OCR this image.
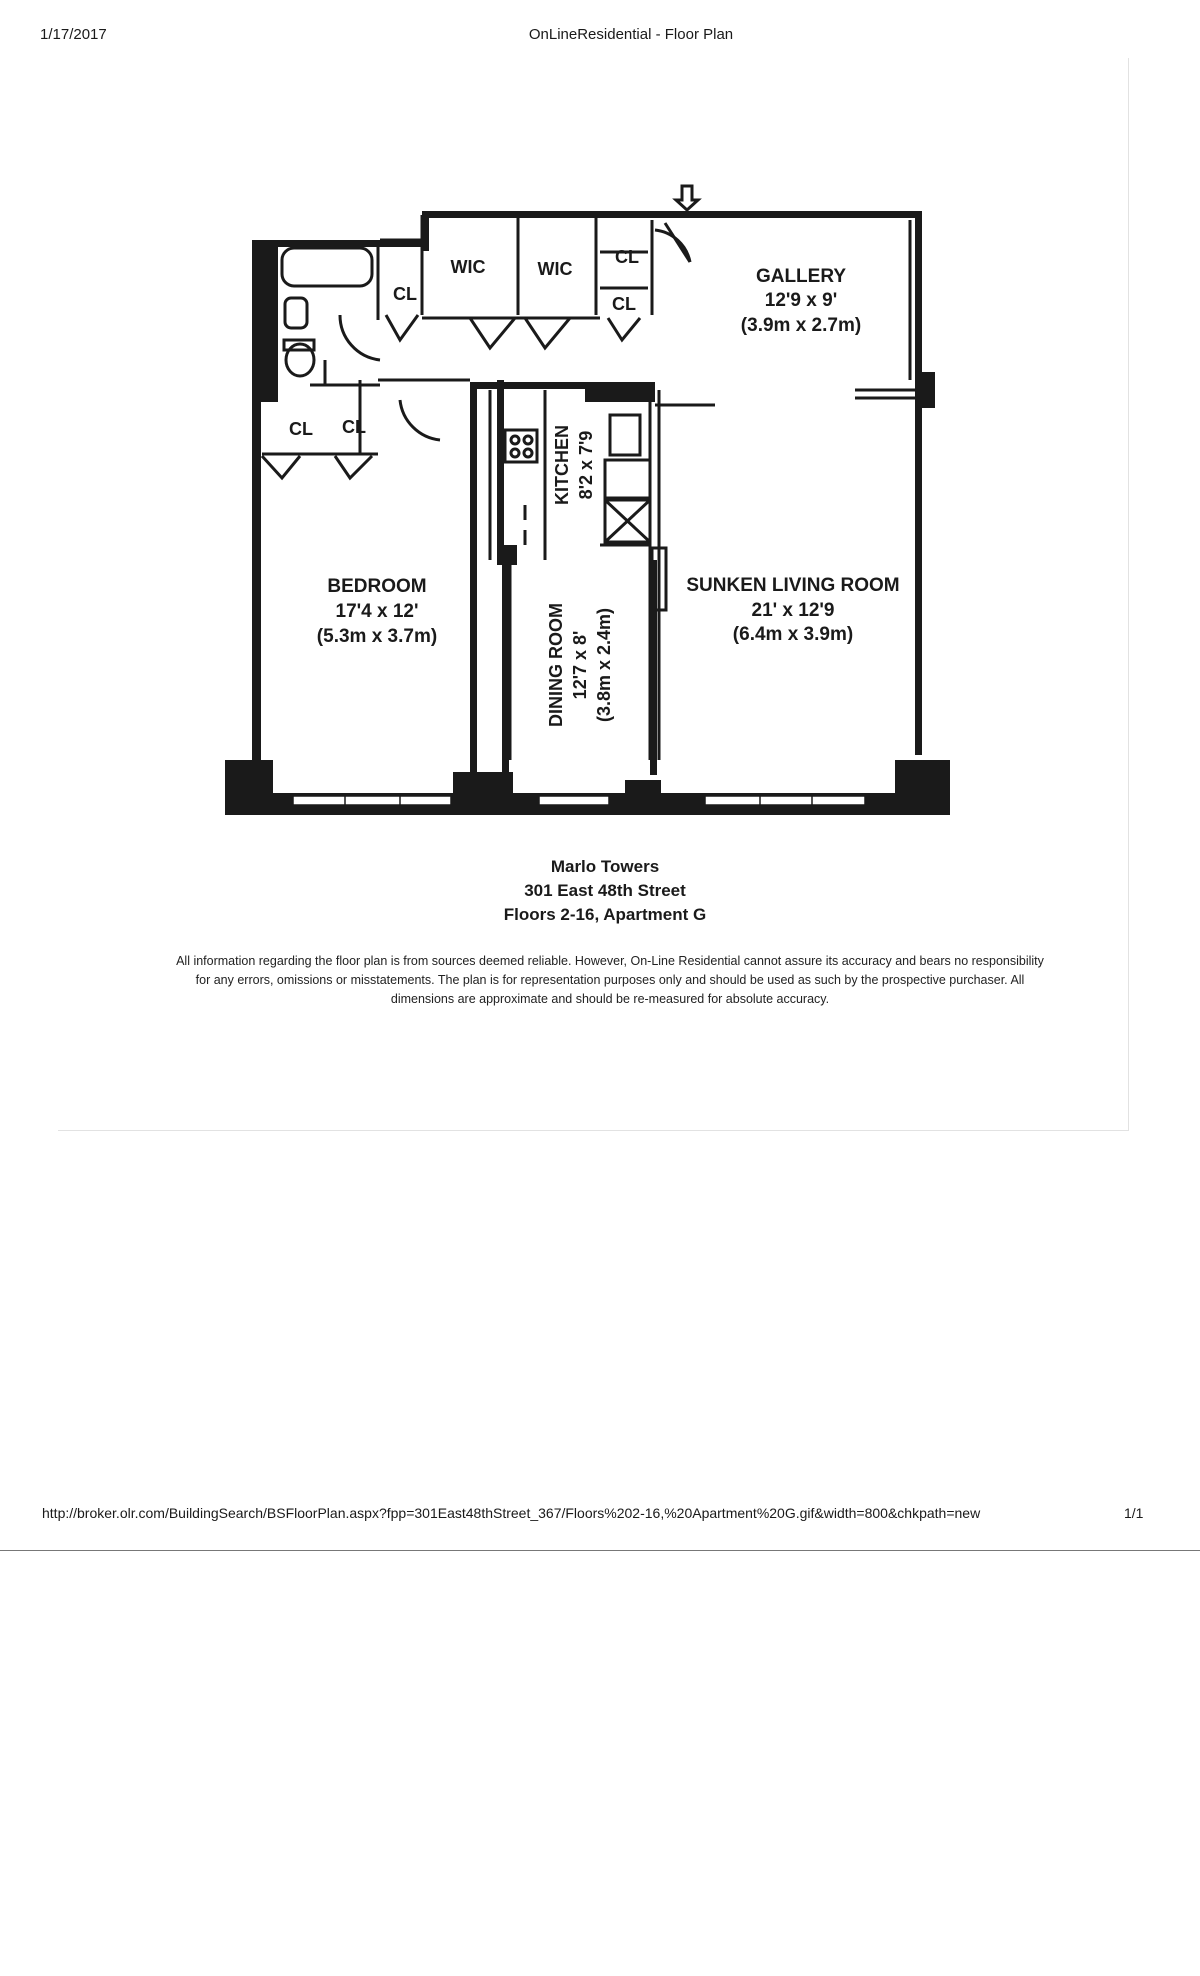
1/17/2017	OnLineResidential - Floor Plan
GALLERY
12'9 x 9'
(3.9m x 2.7m)
WIC	WIC
CL
CL
CL
CL CL
BEDROOM
17'4 x 12'
(5.3m x 3.7m)
SUNKEN LIVING ROOM
21' x 12'9
(6.4m x 3.9m)
KITCHEN 8'2 x 7'9
DINING ROOM 12'7 x 8' (3.8m x 2.4m)
Marlo Towers
301 East 48th Street
Floors 2-16, Apartment G
All information regarding the floor plan is from sources deemed reliable. However, On-Line Residential cannot assure its accuracy and bears no responsibility for any errors, omissions or misstatements. The plan is for representation purposes only and should be used as such by the prospective purchaser. All dimensions are approximate and should be re-measured for absolute accuracy.
http://broker.olr.com/BuildingSearch/BSFloorPlan.aspx?fpp=301East48thStreet_367/Floors%202-16,%20Apartment%20G.gif&width=800&chkpath=new	1/1
